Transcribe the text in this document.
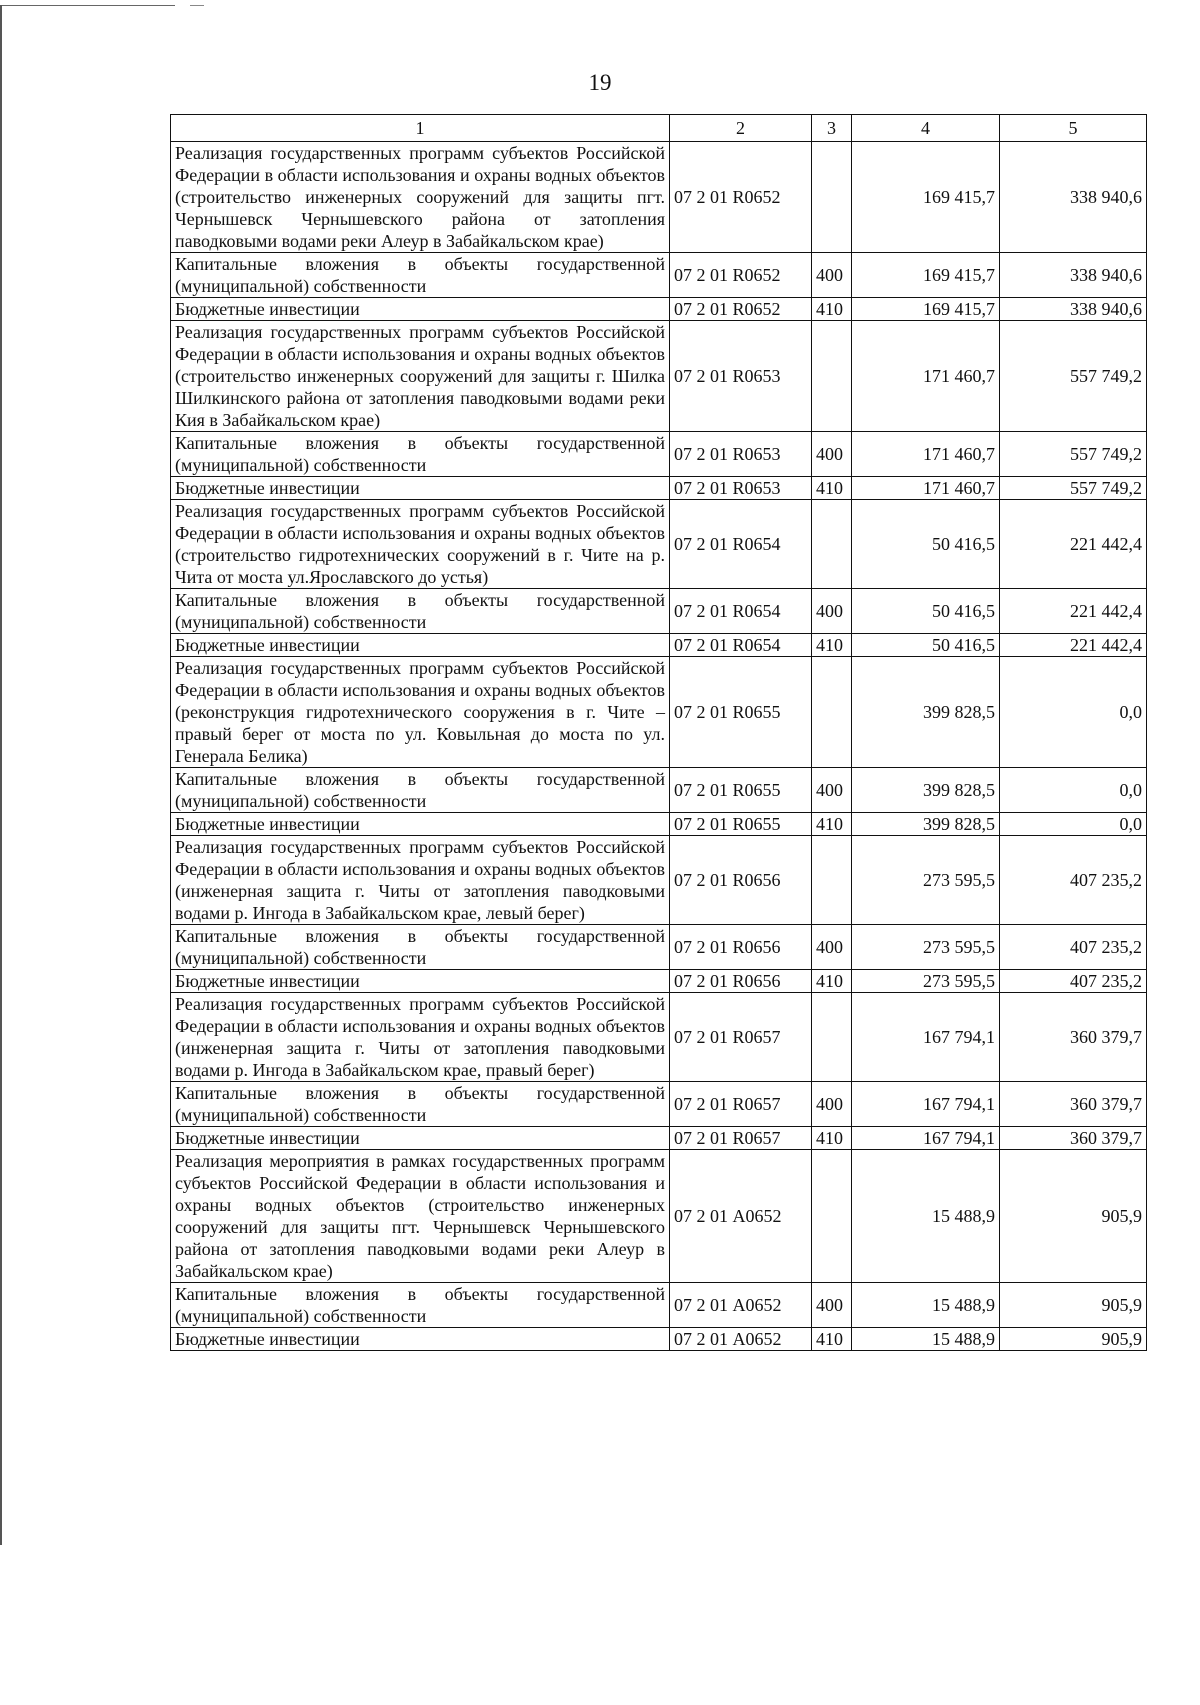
19
1	2	3	4	5
Реализация государственных программ субъектов Российской Федерации в области использования и охраны водных объектов (строительство инженерных сооружений для защиты пгт. Чернышевск Чернышевского района от затопления паводковыми водами реки Алеур в Забайкальском крае)	07 2 01 R0652		169 415,7	338 940,6
Капитальные вложения в объекты государственной (муниципальной) собственности	07 2 01 R0652	400	169 415,7	338 940,6
Бюджетные инвестиции	07 2 01 R0652	410	169 415,7	338 940,6
Реализация государственных программ субъектов Российской Федерации в области использования и охраны водных объектов (строительство инженерных сооружений для защиты г. Шилка Шилкинского района от затопления паводковыми водами реки Кия в Забайкальском крае)	07 2 01 R0653		171 460,7	557 749,2
Капитальные вложения в объекты государственной (муниципальной) собственности	07 2 01 R0653	400	171 460,7	557 749,2
Бюджетные инвестиции	07 2 01 R0653	410	171 460,7	557 749,2
Реализация государственных программ субъектов Российской Федерации в области использования и охраны водных объектов (строительство гидротехнических сооружений в г. Чите на р. Чита от моста ул.Ярославского до устья)	07 2 01 R0654		50 416,5	221 442,4
Капитальные вложения в объекты государственной (муниципальной) собственности	07 2 01 R0654	400	50 416,5	221 442,4
Бюджетные инвестиции	07 2 01 R0654	410	50 416,5	221 442,4
Реализация государственных программ субъектов Российской Федерации в области использования и охраны водных объектов (реконструкция гидротехнического сооружения в г. Чите – правый берег от моста по ул. Ковыльная до моста по ул. Генерала Белика)	07 2 01 R0655		399 828,5	0,0
Капитальные вложения в объекты государственной (муниципальной) собственности	07 2 01 R0655	400	399 828,5	0,0
Бюджетные инвестиции	07 2 01 R0655	410	399 828,5	0,0
Реализация государственных программ субъектов Российской Федерации в области использования и охраны водных объектов (инженерная защита г. Читы от затопления паводковыми водами р. Ингода в Забайкальском крае, левый берег)	07 2 01 R0656		273 595,5	407 235,2
Капитальные вложения в объекты государственной (муниципальной) собственности	07 2 01 R0656	400	273 595,5	407 235,2
Бюджетные инвестиции	07 2 01 R0656	410	273 595,5	407 235,2
Реализация государственных программ субъектов Российской Федерации в области использования и охраны водных объектов (инженерная защита г. Читы от затопления паводковыми водами р. Ингода в Забайкальском крае, правый берег)	07 2 01 R0657		167 794,1	360 379,7
Капитальные вложения в объекты государственной (муниципальной) собственности	07 2 01 R0657	400	167 794,1	360 379,7
Бюджетные инвестиции	07 2 01 R0657	410	167 794,1	360 379,7
Реализация мероприятия в рамках государственных программ субъектов Российской Федерации в области использования и охраны водных объектов (строительство инженерных сооружений для защиты пгт. Чернышевск Чернышевского района от затопления паводковыми водами реки Алеур в Забайкальском крае)	07 2 01 А0652		15 488,9	905,9
Капитальные вложения в объекты государственной (муниципальной) собственности	07 2 01 А0652	400	15 488,9	905,9
Бюджетные инвестиции	07 2 01 А0652	410	15 488,9	905,9
